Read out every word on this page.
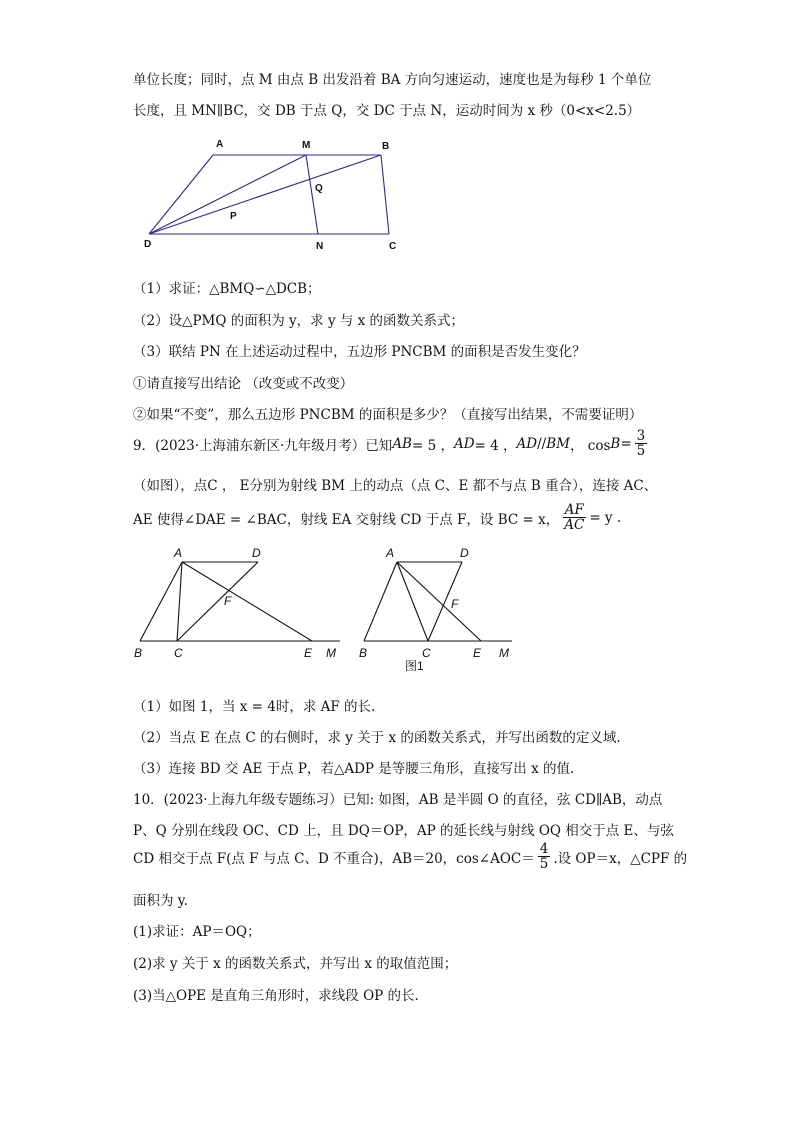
单位长度；同时，点 M 由点 B 出发沿着 BA 方向匀速运动，速度也是为每秒 1 个单位
长度，且 MN∥BC，交 DB 于点 Q，交 DC 于点 N，运动时间为 x 秒（0<x<2.5）
A	M	B
Q
P
D	N	C
（1）求证：△BMQ∽△DCB；
（2）设△PMQ 的面积为 y，求 y 与 x 的函数关系式；
（3）联结 PN 在上述运动过程中，五边形 PNCBM 的面积是否发生变化？
①请直接写出结论 （改变或不改变）
②如果“不变”，那么五边形 PNCBM 的面积是多少？（直接写出结果，不需要证明）
9． (2023·上海浦东新区·九年级月考） 已知 AB = 5 ， AD = 4 ， AD // BM ， $\cos B = \frac{3}{5}$
（如图），点C ， E分别为射线 BM 上的动点（点 C、E 都不与点 B 重合），连接 AC、
AE 使得∠DAE = ∠BAC，射线 EA 交射线 CD 于点 F，设 BC = x， $\frac{AF}{AC} = y$ .
A	D
F
B	C	E M
A	D
F
B	C	E M
图1
（1）如图 1，当 x = 4时，求 AF 的长.
（2）当点 E 在点 C 的右侧时，求 y 关于 x 的函数关系式，并写出函数的定义域.
（3）连接 BD 交 AE 于点 P，若△ADP 是等腰三角形，直接写出 x 的值.
10．(2023·上海九年级专题练习）已知: 如图，AB 是半圆 O 的直径，弦 CD∥AB，动点
P、Q 分别在线段 OC、CD 上，且 DQ＝OP，AP 的延长线与射线 OQ 相交于点 E、与弦
CD 相交于点 F(点 F 与点 C、D 不重合)，AB＝20，cos∠AOC＝ $\frac{4}{5}$ .设 OP＝x，△CPF 的
面积为 y.
(1)求证：AP＝OQ；
(2)求 y 关于 x 的函数关系式，并写出 x 的取值范围；
(3)当△OPE 是直角三角形时，求线段 OP 的长.
